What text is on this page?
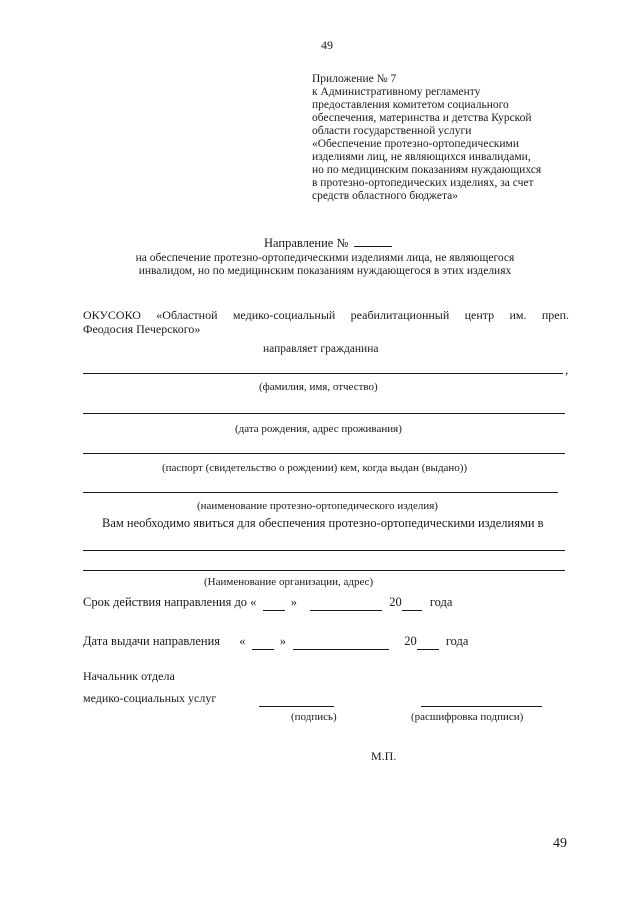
49
Приложение № 7
к Административному регламенту
предоставления комитетом социального
обеспечения, материнства и детства Курской
области государственной услуги
«Обеспечение протезно-ортопедическими
изделиями лиц, не являющихся инвалидами,
но по медицинским показаниям нуждающихся
в протезно-ортопедических изделиях, за счет
средств областного бюджета»
Направление №
на обеспечение протезно-ортопедическими изделиями лица, не являющегося
инвалидом, но по медицинским показаниям нуждающегося в этих изделиях
ОКУСОКО «Областной медико-социальный реабилитационный центр им. преп.
Феодосия Печерского»
направляет гражданина
,
(фамилия, имя, отчество)
(дата рождения, адрес проживания)
(паспорт (свидетельство о рождении) кем, когда выдан (выдано))
(наименование протезно-ортопедического изделия)
Вам необходимо явиться для обеспечения протезно-ортопедическими изделиями в
(Наименование организации, адрес)
Срок действия направления до «	»	20 года
Дата выдачи направления «	»	20 года
Начальник отдела
медико-социальных услуг
(подпись)	(расшифровка подписи)
М.П.
49
